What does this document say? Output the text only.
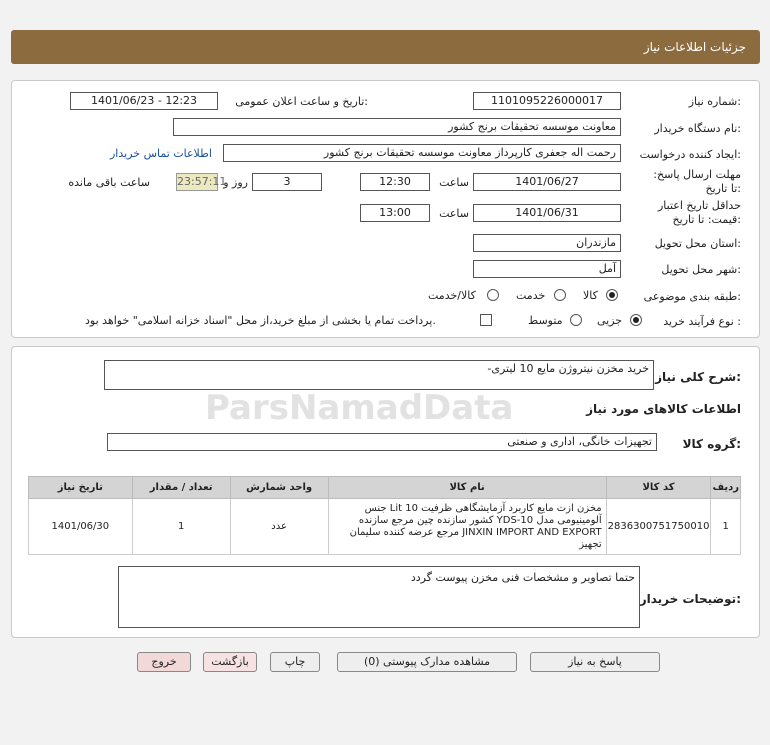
جزئیات اطلاعات نیاز
شماره نیاز:
1101095226000017
تاریخ و ساعت اعلان عمومی:
1401/06/23 - 12:23
نام دستگاه خریدار:
معاونت موسسه تحقیقات برنج کشور
ایجاد کننده درخواست:
رحمت اله جعفری کارپرداز معاونت موسسه تحقیقات برنج کشور
اطلاعات تماس خریدار
مهلت ارسال پاسخ: تا تاریخ:
1401/06/27
ساعت
12:30
3
روز و
23:57:11
ساعت باقی مانده
حداقل تاریخ اعتبار قیمت: تا تاریخ:
1401/06/31
ساعت
13:00
استان محل تحویل:
مازندران
شهر محل تحویل:
آمل
طبقه بندی موضوعی:
کالا
خدمت
کالا/خدمت
نوع فرآیند خرید :
جزیی
متوسط
پرداخت تمام یا بخشی از مبلغ خرید،از محل "اسناد خزانه اسلامی" خواهد بود.
شرح کلی نیاز:
خرید مخزن نیتروژن مایع 10 لیتری-
اطلاعات کالاهای مورد نیاز
گروه کالا:
تجهیزات خانگی، اداری و صنعتی
ردیف	کد کالا	نام کالا	واحد شمارش	تعداد / مقدار	تاریخ نیاز
1	2836300751750010	مخزن ازت مایع کاربرد آزمایشگاهی ظرفیت 10 Lit جنس آلومینیومی مدل YDS-10 کشور سازنده چین مرجع سازنده JINXIN IMPORT AND EXPORT مرجع عرضه کننده سلیمان تجهیز	عدد	1	1401/06/30
توضیحات خریدار:
حتما تصاویر و مشخصات فنی مخزن پیوست گردد
ParsNamadData
پاسخ به نیاز
مشاهده مدارک پیوستی (0)
چاپ
بازگشت
خروج
